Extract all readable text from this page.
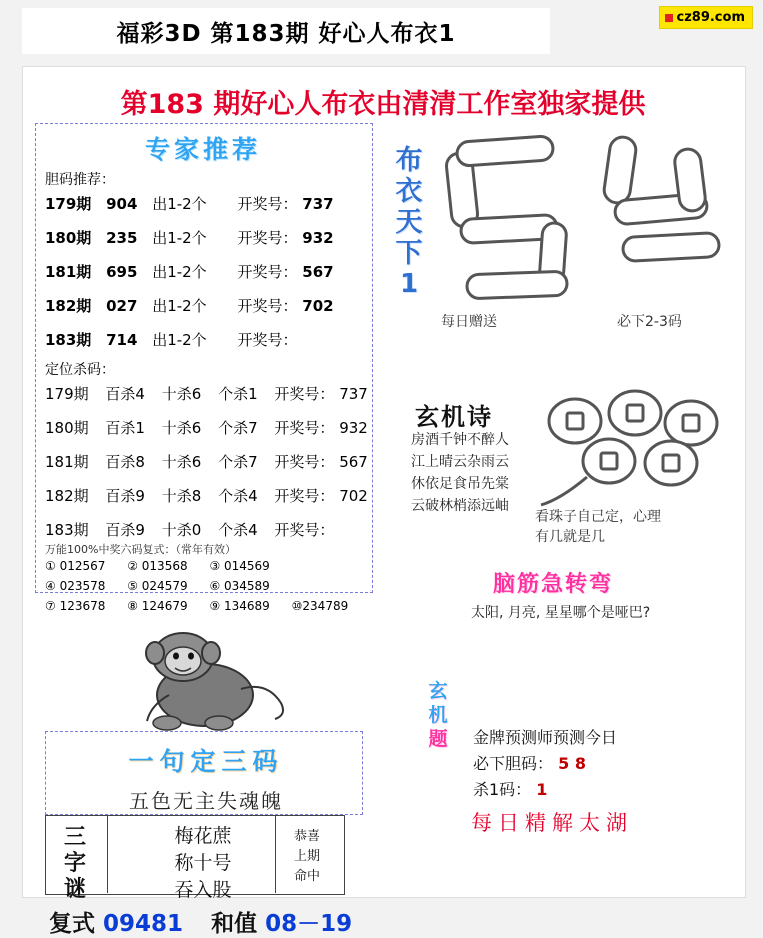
cz89.com
福彩3D 第183期 好心人布衣1
第183 期好心人布衣由清清工作室独家提供
专家推荐
胆码推荐：
179期 904 出1-2个 开奖号： 737
180期 235 出1-2个 开奖号： 932
181期 695 出1-2个 开奖号： 567
182期 027 出1-2个 开奖号： 702
183期 714 出1-2个 开奖号：
定位杀码：
179期 百杀4 十杀6 个杀1 开奖号： 737
180期 百杀1 十杀6 个杀7 开奖号： 932
181期 百杀8 十杀6 个杀7 开奖号： 567
182期 百杀9 十杀8 个杀4 开奖号： 702
183期 百杀9 十杀0 个杀4 开奖号：
万能100%中奖六码复式：（常年有效）
① 012567 ② 013568 ③ 014569
④ 023578 ⑤ 024579 ⑥ 034589
⑦ 123678 ⑧ 124679 ⑨ 134689 ⑩234789
布
衣
天
下
1
每日赠送	必下2-3码
玄机诗
房酒千钟不醉人
江上晴云杂雨云
休依足食吊先棠
云破林梢添远岫
看珠子自己定，心理
有几就是几
脑筋急转弯
太阳, 月亮, 星星哪个是哑巴?
玄
机
题	金牌预测师预测今日
必下胆码： 5 8
杀1码： 1
每日精解太湖
一句定三码
五色无主失魂魄
三
字
谜
梅花蔗
称十号
吞入股
恭喜
上期
命中
复式 09481 和值 08－19
